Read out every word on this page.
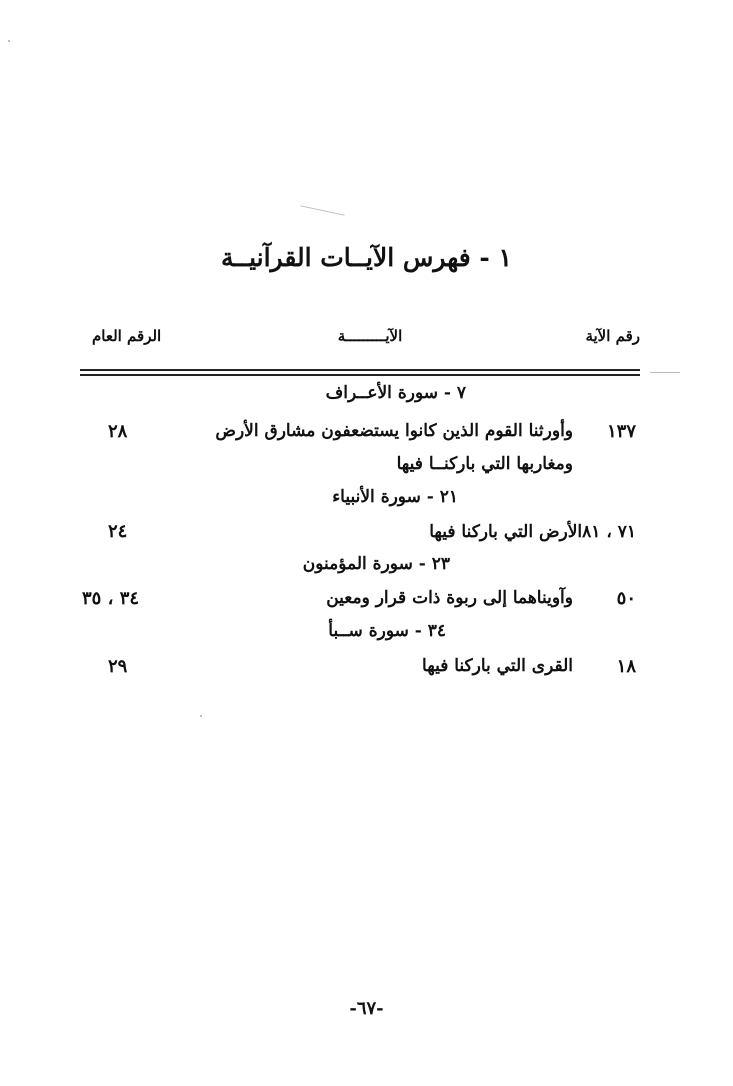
١ - فهرس الآيــات القرآنيــة
رقم الآية
الآيـــــــــة
الرقم العام
٧ - سورة الأعــراف
١٣٧
وأورثنا القوم الذين كانوا يستضعفون مشارق الأرض
ومغاربها التي باركنــا فيها
٢٨
٢١ - سورة الأنبياء
٧١ ، ٨١الأرض التي باركنا فيها
٢٤
٢٣ - سورة المؤمنون
٥٠
وآويناهما إلى ربوة ذات قرار ومعين
٣٤ ، ٣٥
٣٤ - سورة ســبأ
١٨
القرى التي باركنا فيها
٢٩
-٦٧-
